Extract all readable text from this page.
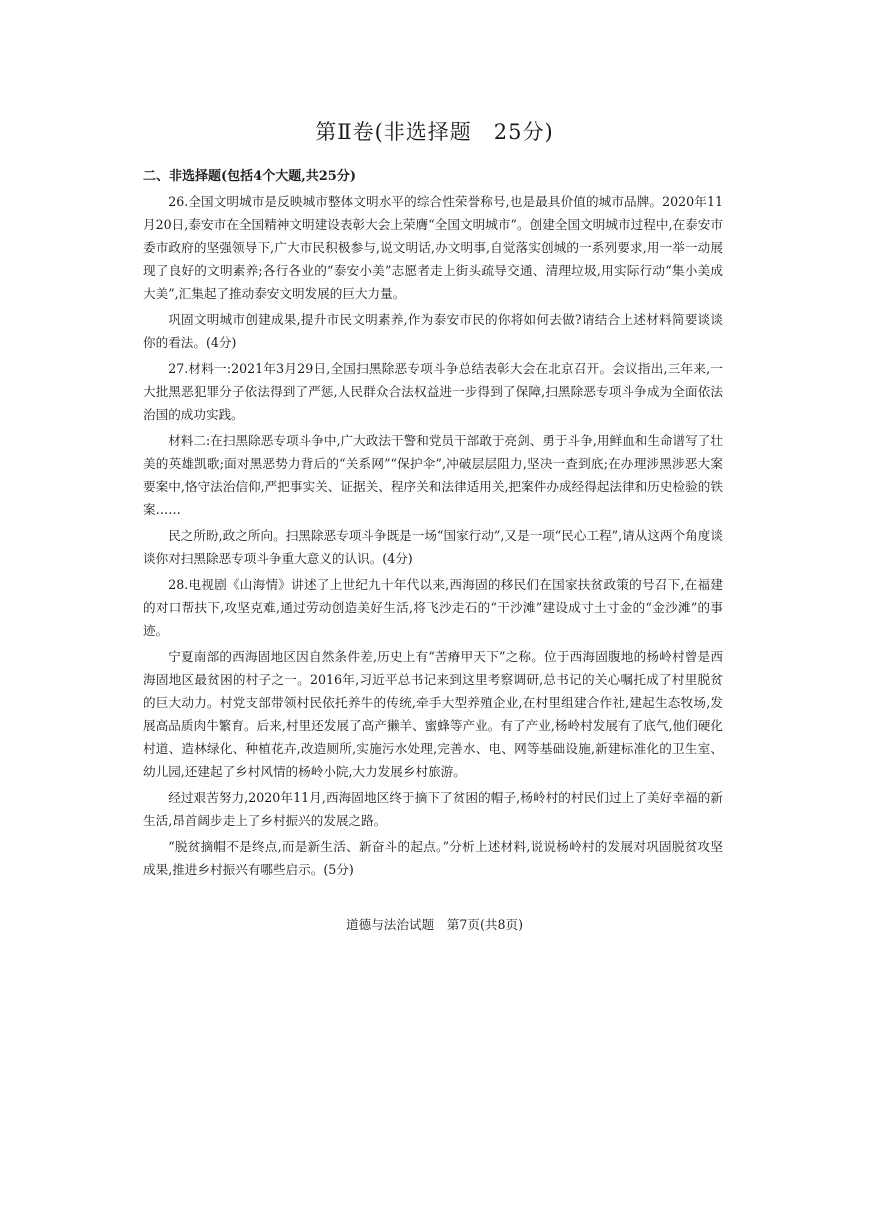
第Ⅱ卷(非选择题　25分)
二、非选择题(包括4个大题,共25分)

26.全国文明城市是反映城市整体文明水平的综合性荣誉称号,也是最具价值的城市品牌。2020年11月20日,泰安市在全国精神文明建设表彰大会上荣膺“全国文明城市”。创建全国文明城市过程中,在泰安市委市政府的坚强领导下,广大市民积极参与,说文明话,办文明事,自觉落实创城的一系列要求,用一举一动展现了良好的文明素养;各行各业的“泰安小美”志愿者走上街头疏导交通、清理垃圾,用实际行动“集小美成大美”,汇集起了推动泰安文明发展的巨大力量。

巩固文明城市创建成果,提升市民文明素养,作为泰安市民的你将如何去做?请结合上述材料简要谈谈你的看法。(4分)

27.材料一:2021年3月29日,全国扫黑除恶专项斗争总结表彰大会在北京召开。会议指出,三年来,一大批黑恶犯罪分子依法得到了严惩,人民群众合法权益进一步得到了保障,扫黑除恶专项斗争成为全面依法治国的成功实践。

材料二:在扫黑除恶专项斗争中,广大政法干警和党员干部敢于亮剑、勇于斗争,用鲜血和生命谱写了壮美的英雄凯歌;面对黑恶势力背后的“关系网”“保护伞”,冲破层层阻力,坚决一查到底;在办理涉黑涉恶大案要案中,恪守法治信仰,严把事实关、证据关、程序关和法律适用关,把案件办成经得起法律和历史检验的铁案……

民之所盼,政之所向。扫黑除恶专项斗争既是一场“国家行动”,又是一项“民心工程”,请从这两个角度谈谈你对扫黑除恶专项斗争重大意义的认识。(4分)

28.电视剧《山海情》讲述了上世纪九十年代以来,西海固的移民们在国家扶贫政策的号召下,在福建的对口帮扶下,攻坚克难,通过劳动创造美好生活,将飞沙走石的“干沙滩”建设成寸土寸金的“金沙滩”的事迹。

宁夏南部的西海固地区因自然条件差,历史上有“苦瘠甲天下”之称。位于西海固腹地的杨岭村曾是西海固地区最贫困的村子之一。2016年,习近平总书记来到这里考察调研,总书记的关心嘱托成了村里脱贫的巨大动力。村党支部带领村民依托养牛的传统,牵手大型养殖企业,在村里组建合作社,建起生态牧场,发展高品质肉牛繁育。后来,村里还发展了高产獭羊、蜜蜂等产业。有了产业,杨岭村发展有了底气,他们硬化村道、造林绿化、种植花卉,改造厕所,实施污水处理,完善水、电、网等基础设施,新建标准化的卫生室、幼儿园,还建起了乡村风情的杨岭小院,大力发展乡村旅游。

经过艰苦努力,2020年11月,西海固地区终于摘下了贫困的帽子,杨岭村的村民们过上了美好幸福的新生活,昂首阔步走上了乡村振兴的发展之路。

“脱贫摘帽不是终点,而是新生活、新奋斗的起点。”分析上述材料,说说杨岭村的发展对巩固脱贫攻坚成果,推进乡村振兴有哪些启示。(5分)

道德与法治试题　第7页(共8页)
